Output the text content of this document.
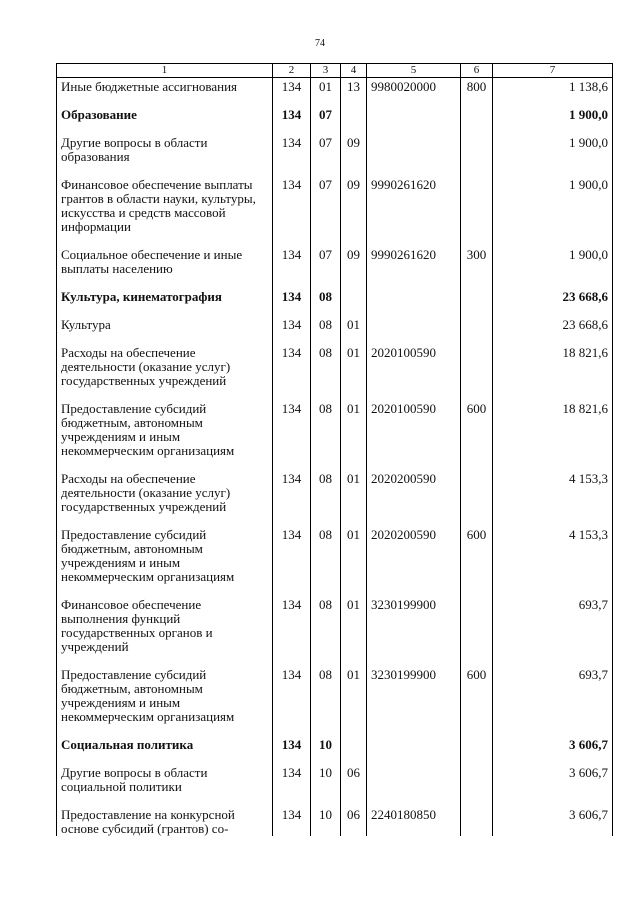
74
1	2	3	4	5	6	7
Иные бюджетные ассигнования	134	01	13	9980020000	800	1 138,6

Образование	134	07				1 900,0

Другие вопросы в области образования	134	07	09			1 900,0

Финансовое обеспечение выплаты грантов в области науки, культуры, искусства и средств массовой информации	134	07	09	9990261620		1 900,0

Социальное обеспечение и иные выплаты населению	134	07	09	9990261620	300	1 900,0

Культура, кинематография	134	08				23 668,6

Культура	134	08	01			23 668,6

Расходы на обеспечение деятельности (оказание услуг) государственных учреждений	134	08	01	2020100590		18 821,6

Предоставление субсидий бюджетным, автономным учреждениям и иным некоммерческим организациям	134	08	01	2020100590	600	18 821,6

Расходы на обеспечение деятельности (оказание услуг) государственных учреждений	134	08	01	2020200590		4 153,3

Предоставление субсидий бюджетным, автономным учреждениям и иным некоммерческим организациям	134	08	01	2020200590	600	4 153,3

Финансовое обеспечение выполнения функций государственных органов и учреждений	134	08	01	3230199900		693,7

Предоставление субсидий бюджетным, автономным учреждениям и иным некоммерческим организациям	134	08	01	3230199900	600	693,7

Социальная политика	134	10				3 606,7

Другие вопросы в области социальной политики	134	10	06			3 606,7

Предоставление на конкурсной основе субсидий (грантов) со-	134	10	06	2240180850		3 606,7
